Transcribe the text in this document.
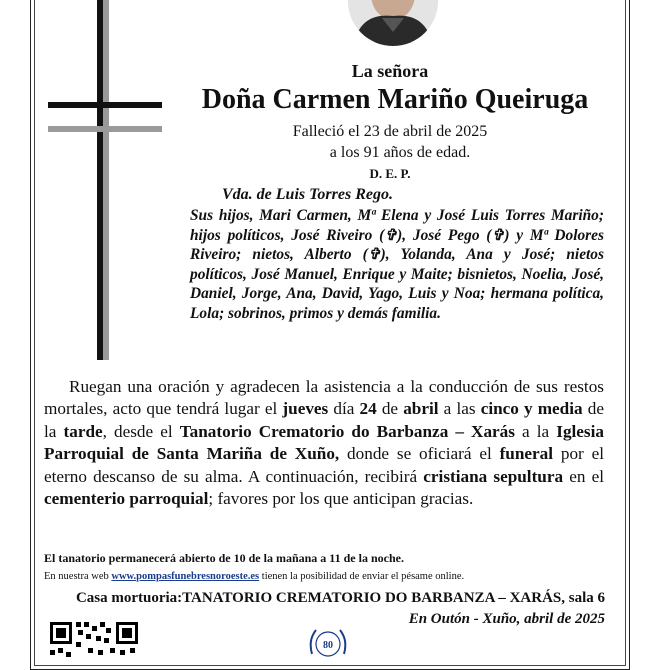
La señora
Doña Carmen Mariño Queiruga
Falleció el 23 de abril de 2025
a los 91 años de edad.
D. E. P.
Vda. de Luis Torres Rego.
Sus hijos, Mari Carmen, Mª Elena y José Luis Torres Mariño; hijos políticos, José Riveiro (✞), José Pego (✞) y Mª Dolores Riveiro; nietos, Alberto (✞), Yolanda, Ana y José; nietos políticos, José Manuel, Enrique y Maite; bisnietos, Noelia, José, Daniel, Jorge, Ana, David, Yago, Luis y Noa; hermana política, Lola; sobrinos, primos y demás familia.
Ruegan una oración y agradecen la asistencia a la conducción de sus restos mortales, acto que tendrá lugar el jueves día 24 de abril a las cinco y media de la tarde, desde el Tanatorio Crematorio do Barbanza – Xarás a la Iglesia Parroquial de Santa Mariña de Xuño, donde se oficiará el funeral por el eterno descanso de su alma. A continuación, recibirá cristiana sepultura en el cementerio parroquial; favores por los que anticipan gracias.
El tanatorio permanecerá abierto de 10 de la mañana a 11 de la noche.
En nuestra web www.pompasfunebresnoroeste.es tienen la posibilidad de enviar el pésame online.
Casa mortuoria:TANATORIO CREMATORIO DO BARBANZA – XARÁS, sala 6
En Outón - Xuño, abril de 2025
80
